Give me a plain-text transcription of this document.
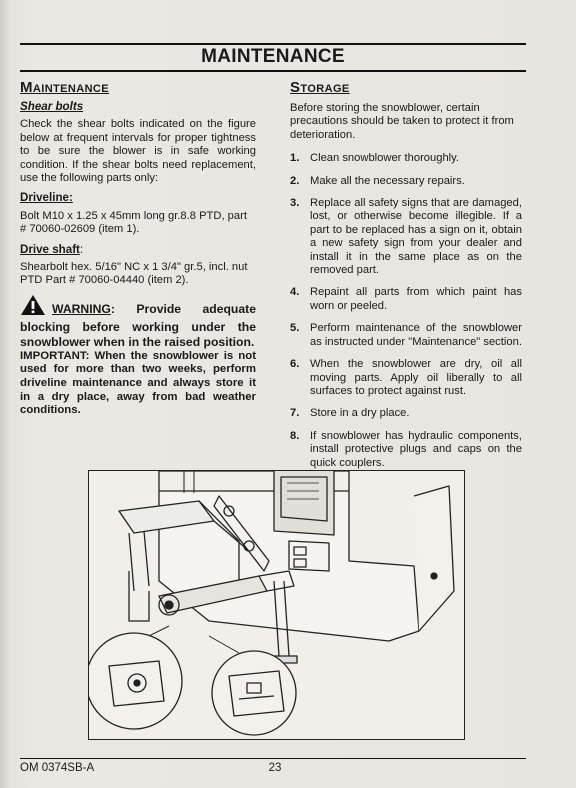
MAINTENANCE
Maintenance	Storage
Shear bolts

Check the shear bolts indicated on the figure below at frequent intervals for proper tightness to be sure the blower is in safe working condition. If the shear bolts need replacement, use the following parts only:

Driveline:

Bolt M10 x 1.25 x 45mm long gr.8.8 PTD, part # 70060-02609 (item 1).

Drive shaft:

Shearbolt hex. 5/16" NC x 1 3/4" gr.5, incl. nut PTD Part # 70060-04440 (item 2).

WARNING: Provide adequate blocking before working under the snowblower when in the raised position.

IMPORTANT: When the snowblower is not used for more than two weeks, perform driveline maintenance and always store it in a dry place, away from bad weather conditions.

Before storing the snowblower, certain precautions should be taken to protect it from deterioration.

1. Clean snowblower thoroughly.
2. Make all the necessary repairs.
3. Replace all safety signs that are damaged, lost, or otherwise become illegible. If a part to be replaced has a sign on it, obtain a new safety sign from your dealer and install it in the same place as on the removed part.
4. Repaint all parts from which paint has worn or peeled.
5. Perform maintenance of the snowblower as instructed under "Maintenance" section.
6. When the snowblower are dry, oil all moving parts. Apply oil liberally to all surfaces to protect against rust.
7. Store in a dry place.
8. If snowblower has hydraulic components, install protective plugs and caps on the quick couplers.
OM 0374SB-A	23
